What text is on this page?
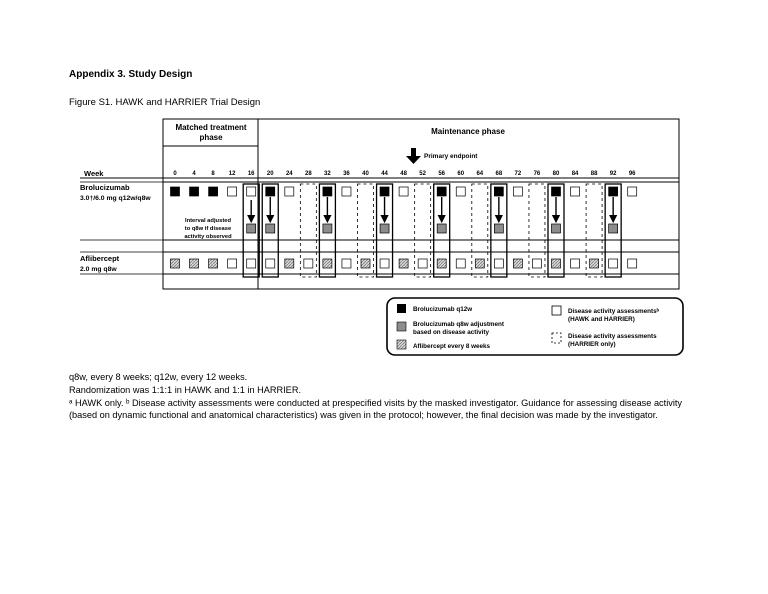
Appendix 3. Study Design
Figure S1. HAWK and HARRIER Trial Design
Matched treatment
phase
Maintenance phase
Primary endpoint
Week
Brolucizumab
3.0†/6.0 mg q12w/q8w
Interval adjusted
to q8w if disease
activity observed
Aflibercept
2.0 mg q8w
0	4	8 12 16 20 24 28 32 36 40 44 48 52 56 60 64 68 72 76 80 84 88 92 96
Brolucizumab q12w
Brolucizumab q8w adjustment
based on disease activity
Aflibercept every 8 weeks
Disease activity assessmentsᵇ
(HAWK and HARRIER)
Disease activity assessments
(HARRIER only)

q8w, every 8 weeks; q12w, every 12 weeks.

Randomization was 1:1:1 in HAWK and 1:1 in HARRIER.

ᵃ HAWK only. ᵇ Disease activity assessments were conducted at prespecified visits by the masked investigator. Guidance for assessing disease activity (based on dynamic functional and anatomical characteristics) was given in the protocol; however, the final decision was made by the investigator.
